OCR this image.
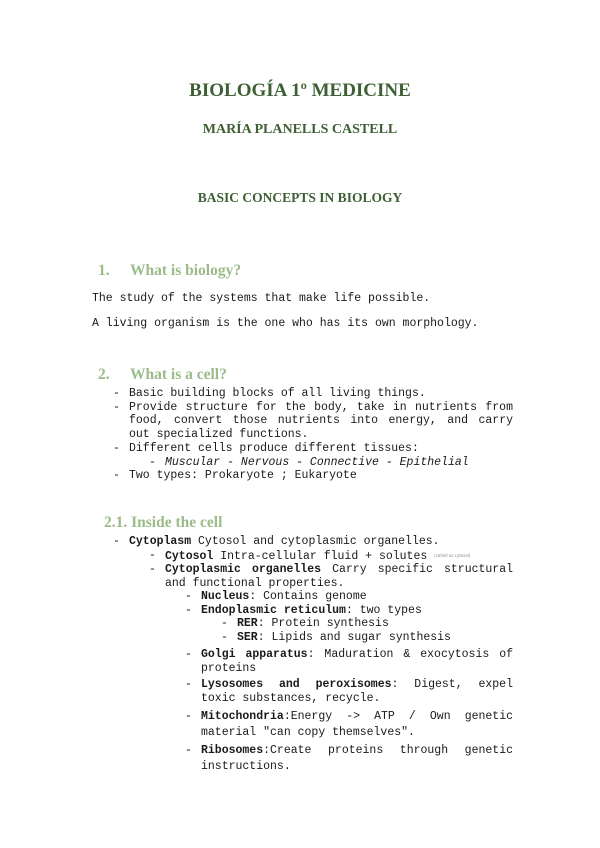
BIOLOGÍA 1º MEDICINE
MARÍA PLANELLS CASTELL
BASIC CONCEPTS IN BIOLOGY
1. What is biology?
The study of the systems that make life possible.
A living organism is the one who has its own morphology.
2. What is a cell?
- Basic building blocks of all living things.
- Provide structure for the body, take in nutrients from food, convert those nutrients into energy, and carry out specialized functions.
- Different cells produce different tissues:
- Muscular - Nervous - Connective - Epithelial
- Two types: Prokaryote ; Eukaryote
2.1. Inside the cell
- Cytoplasm Cytosol and cytoplasmic organelles.
- Cytosol Intra-cellular fluid + solutes (called as cytosol)
- Cytoplasmic organelles Carry specific structural and functional properties.
- Nucleus: Contains genome
- Endoplasmic reticulum: two types
- RER: Protein synthesis
- SER: Lipids and sugar synthesis
- Golgi apparatus: Maduration & exocytosis of proteins
- Lysosomes and peroxisomes: Digest, expel toxic substances, recycle.
- Mitochondria:Energy -> ATP / Own genetic material "can copy themselves".
- Ribosomes:Create proteins through genetic instructions.
